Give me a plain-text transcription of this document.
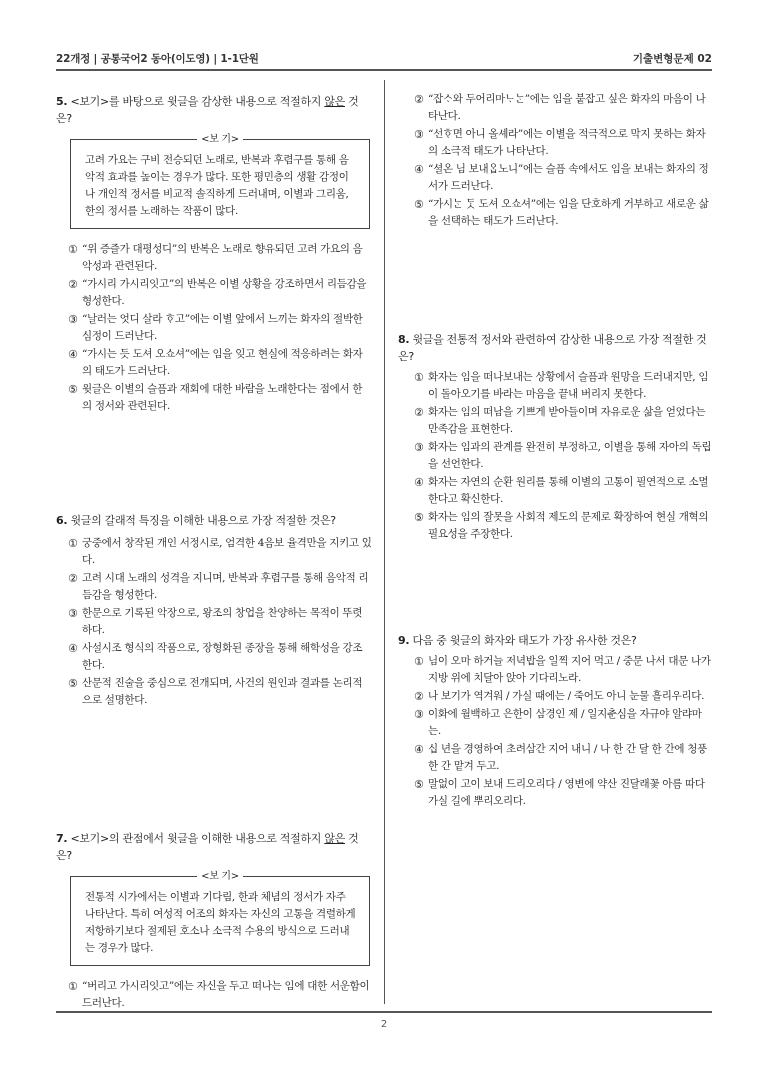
22개정 | 공통국어2 동아(이도영) | 1-1단원	기출변형문제 02
5. <보기>를 바탕으로 윗글을 감상한 내용으로 적절하지 않은 것은?
<보 기>
고려 가요는 구비 전승되던 노래로, 반복과 후렴구를 통해 음악적 효과를 높이는 경우가 많다. 또한 평민층의 생활 감정이나 개인적 정서를 비교적 솔직하게 드러내며, 이별과 그리움, 한의 정서를 노래하는 작품이 많다.
① “위 증즐가 대평성디”의 반복은 노래로 향유되던 고려 가요의 음악성과 관련된다.
② “가시리 가시리잇고”의 반복은 이별 상황을 강조하면서 리듬감을 형성한다.
③ “날러는 엇디 살라 ᄒᆞ고”에는 이별 앞에서 느끼는 화자의 절박한 심정이 드러난다.
④ “가시는 듯 도셔 오쇼셔”에는 임을 잊고 현실에 적응하려는 화자의 태도가 드러난다.
⑤ 윗글은 이별의 슬픔과 재회에 대한 바람을 노래한다는 점에서 한의 정서와 관련된다.
6. 윗글의 갈래적 특징을 이해한 내용으로 가장 적절한 것은?
① 궁중에서 창작된 개인 서정시로, 엄격한 4음보 율격만을 지키고 있다.
② 고려 시대 노래의 성격을 지니며, 반복과 후렴구를 통해 음악적 리듬감을 형성한다.
③ 한문으로 기록된 악장으로, 왕조의 창업을 찬양하는 목적이 뚜렷하다.
④ 사설시조 형식의 작품으로, 장형화된 종장을 통해 해학성을 강조한다.
⑤ 산문적 진술을 중심으로 전개되며, 사건의 원인과 결과를 논리적으로 설명한다.
7. <보기>의 관점에서 윗글을 이해한 내용으로 적절하지 않은 것은?
<보 기>
전통적 시가에서는 이별과 기다림, 한과 체념의 정서가 자주 나타난다. 특히 여성적 어조의 화자는 자신의 고통을 격렬하게 저항하기보다 절제된 호소나 소극적 수용의 방식으로 드러내는 경우가 많다.
① “버리고 가시리잇고”에는 자신을 두고 떠나는 임에 대한 서운함이 드러난다.
② “잡ᄉᆞ와 두어리마ᄂᆞᄂᆞᆫ”에는 임을 붙잡고 싶은 화자의 마음이 나타난다.
③ “선ᄒᆞ면 아니 올셰라”에는 이별을 적극적으로 막지 못하는 화자의 소극적 태도가 나타난다.
④ “셜온 님 보내ᄋᆞᆸ노니”에는 슬픔 속에서도 임을 보내는 화자의 정서가 드러난다.
⑤ “가시ᄂᆞᆫ ᄃᆞᆺ 도셔 오쇼셔”에는 임을 단호하게 거부하고 새로운 삶을 선택하는 태도가 드러난다.
8. 윗글을 전통적 정서와 관련하여 감상한 내용으로 가장 적절한 것은?
① 화자는 임을 떠나보내는 상황에서 슬픔과 원망을 드러내지만, 임이 돌아오기를 바라는 마음을 끝내 버리지 못한다.
② 화자는 임의 떠남을 기쁘게 받아들이며 자유로운 삶을 얻었다는 만족감을 표현한다.
③ 화자는 임과의 관계를 완전히 부정하고, 이별을 통해 자아의 독립을 선언한다.
④ 화자는 자연의 순환 원리를 통해 이별의 고통이 필연적으로 소멸한다고 확신한다.
⑤ 화자는 임의 잘못을 사회적 제도의 문제로 확장하여 현실 개혁의 필요성을 주장한다.
9. 다음 중 윗글의 화자와 태도가 가장 유사한 것은?
① 님이 오마 하거늘 저녁밥을 일찍 지어 먹고 / 중문 나서 대문 나가 지방 위에 치달아 앉아 기다리노라.
② 나 보기가 역겨워 / 가실 때에는 / 죽어도 아니 눈물 흘리우리다.
③ 이화에 월백하고 은한이 삼경인 제 / 일지춘심을 자규야 알랴마는.
④ 십 년을 경영하여 초려삼간 지어 내니 / 나 한 간 달 한 간에 청풍 한 간 맡겨 두고.
⑤ 말없이 고이 보내 드리오리다 / 영변에 약산 진달래꽃 아름 따다 가실 길에 뿌리오리다.
2
